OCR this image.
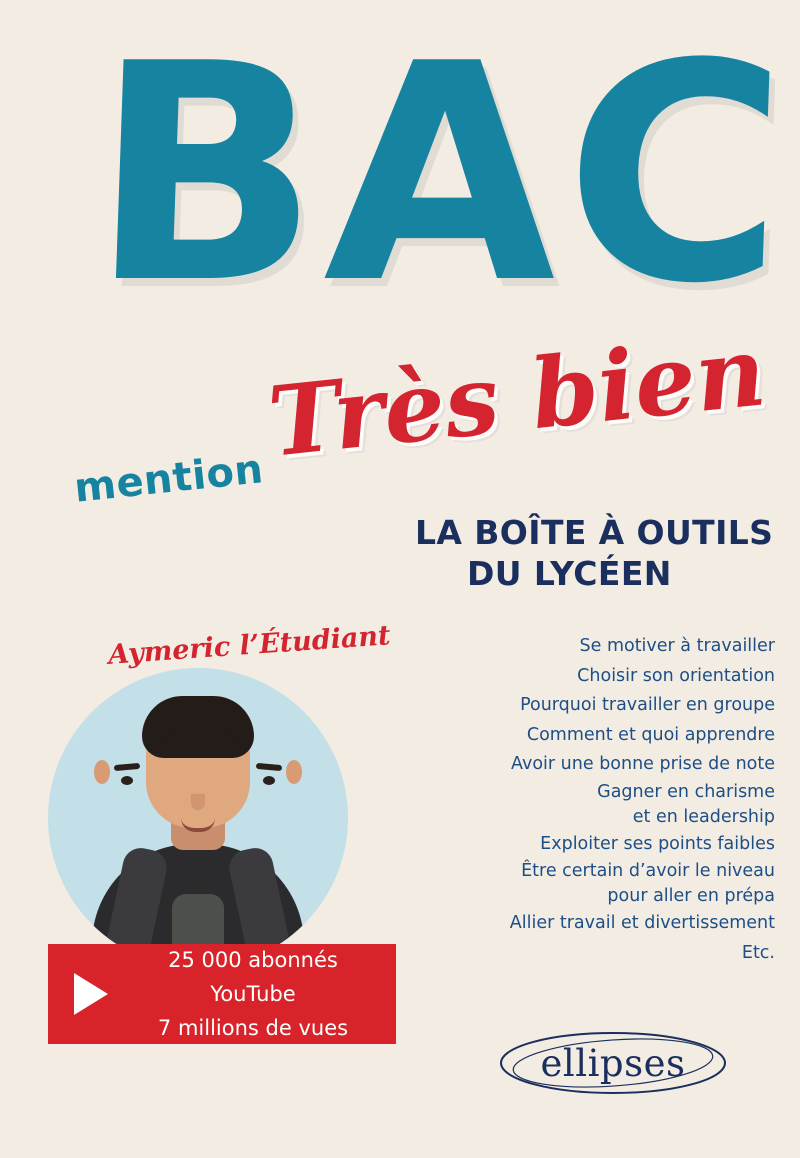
BAC
Très bien
mention
LA BOÎTE À OUTILS
DU LYCÉEN
Se motiver à travailler
Choisir son orientation
Pourquoi travailler en groupe
Comment et quoi apprendre
Avoir une bonne prise de note
Gagner en charisme
et en leadership
Exploiter ses points faibles
Être certain d’avoir le niveau
pour aller en prépa
Allier travail et divertissement
Etc.
Aymeric l’Étudiant
25 000 abonnés YouTube
7 millions de vues
ellipses
